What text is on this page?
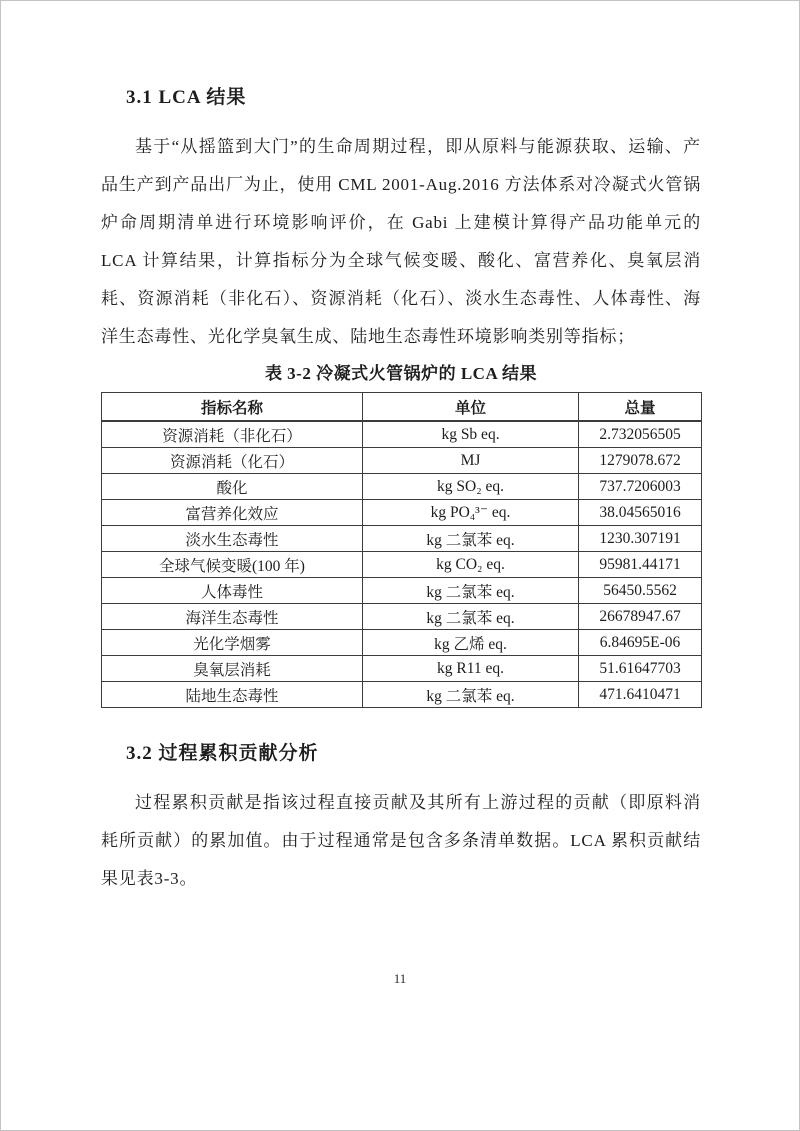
3.1 LCA 结果

基于“从摇篮到大门”的生命周期过程，即从原料与能源获取、运输、产品生产到产品出厂为止，使用 CML 2001-Aug.2016 方法体系对冷凝式火管锅炉命周期清单进行环境影响评价，在 Gabi 上建模计算得产品功能单元的 LCA 计算结果，计算指标分为全球气候变暖、酸化、富营养化、臭氧层消耗、资源消耗（非化石）、资源消耗（化石）、淡水生态毒性、人体毒性、海洋生态毒性、光化学臭氧生成、陆地生态毒性环境影响类别等指标；

表 3-2 冷凝式火管锅炉的 LCA 结果
指标名称	单位	总量
资源消耗（非化石）	kg Sb eq.	2.732056505
资源消耗（化石）	MJ	1279078.672
酸化	kg SO₂ eq.	737.7206003
富营养化效应	kg PO₄³⁻ eq.	38.04565016
淡水生态毒性	kg 二氯苯 eq.	1230.307191
全球气候变暖(100 年)	kg CO₂ eq.	95981.44171
人体毒性	kg 二氯苯 eq.	56450.5562
海洋生态毒性	kg 二氯苯 eq.	26678947.67
光化学烟雾	kg 乙烯 eq.	6.84695E-06
臭氧层消耗	kg R11 eq.	51.61647703
陆地生态毒性	kg 二氯苯 eq.	471.6410471
3.2 过程累积贡献分析

过程累积贡献是指该过程直接贡献及其所有上游过程的贡献（即原料消耗所贡献）的累加值。由于过程通常是包含多条清单数据。LCA 累积贡献结果见表3-3。

11
